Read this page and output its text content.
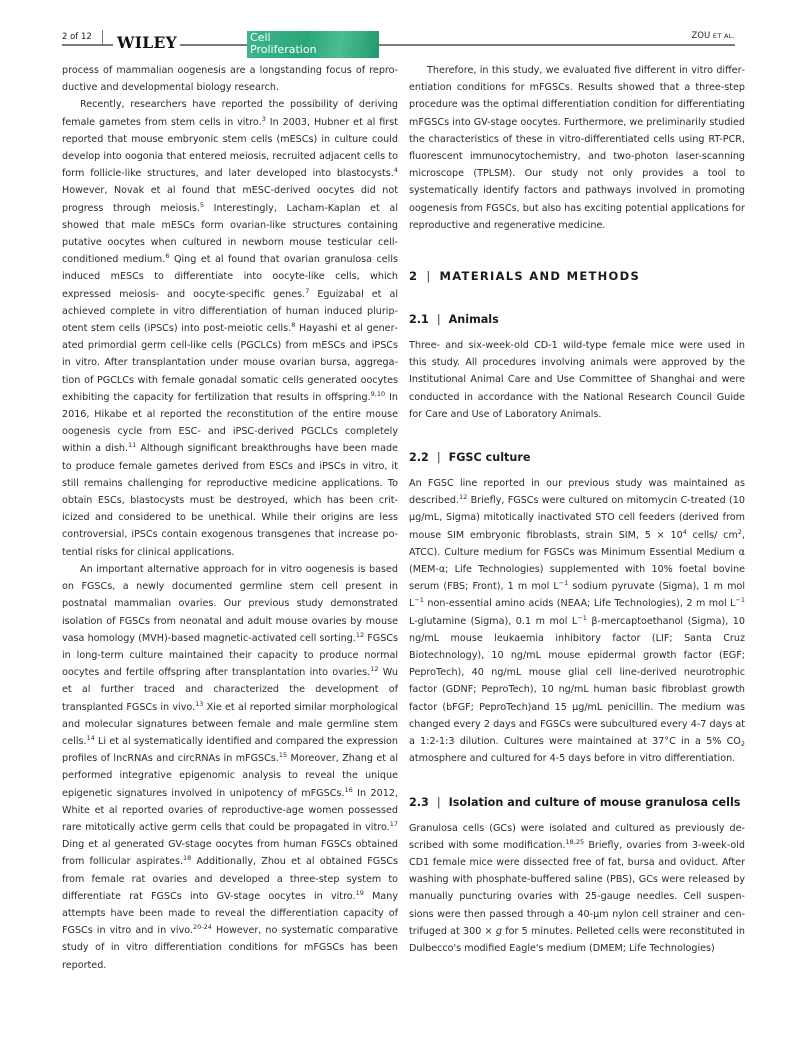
2 of 12 WILEY	Cell
Proliferation
ZOU ET AL.

process of mammalian oogenesis are a longstanding focus of reproductive and developmental biology research.

Recently, researchers have reported the possibility of deriving female gametes from stem cells in vitro.$^3$ In 2003, Hubner et al first reported that mouse embryonic stem cells (mESCs) in culture could develop into oogonia that entered meiosis, recruited adjacent cells to form follicle-like structures, and later developed into blastocysts.$^4$ However, Novak et al found that mESC-derived oocytes did not progress through meiosis.$^5$ Interestingly, Lacham-Kaplan et al showed that male mESCs form ovarian-like structures containing putative oocytes when cultured in newborn mouse testicular cell-conditioned medium.$^6$ Qing et al found that ovarian granulosa cells induced mESCs to differentiate into oocyte-like cells, which expressed meiosis- and oocyte-specific genes.$^7$ Eguizabal et al achieved complete in vitro differentiation of human induced pluripotent stem cells (iPSCs) into post-meiotic cells.$^8$ Hayashi et al generated primordial germ cell-like cells (PGCLCs) from mESCs and iPSCs in vitro. After transplantation under mouse ovarian bursa, aggregation of PGCLCs with female gonadal somatic cells generated oocytes exhibiting the capacity for fertilization that results in offspring.$^{9,10}$ In 2016, Hikabe et al reported the reconstitution of the entire mouse oogenesis cycle from ESC- and iPSC-derived PGCLCs completely within a dish.$^{11}$ Although significant breakthroughs have been made to produce female gametes derived from ESCs and iPSCs in vitro, it still remains challenging for reproductive medicine applications. To obtain ESCs, blastocysts must be destroyed, which has been criticized and considered to be unethical. While their origins are less controversial, iPSCs contain exogenous transgenes that increase potential risks for clinical applications.

An important alternative approach for in vitro oogenesis is based on FGSCs, a newly documented germline stem cell present in postnatal mammalian ovaries. Our previous study demonstrated isolation of FGSCs from neonatal and adult mouse ovaries by mouse vasa homology (MVH)-based magnetic-activated cell sorting.$^{12}$ FGSCs in long-term culture maintained their capacity to produce normal oocytes and fertile offspring after transplantation into ovaries.$^{12}$ Wu et al further traced and characterized the development of transplanted FGSCs in vivo.$^{13}$ Xie et al reported similar morphological and molecular signatures between female and male germline stem cells.$^{14}$ Li et al systematically identified and compared the expression profiles of lncRNAs and circRNAs in mFGSCs.$^{15}$ Moreover, Zhang et al performed integrative epigenomic analysis to reveal the unique epigenetic signatures involved in unipotency of mFGSCs.$^{16}$ In 2012, White et al reported ovaries of reproductive-age women possessed rare mitotically active germ cells that could be propagated in vitro.$^{17}$ Ding et al generated GV-stage oocytes from human FGSCs obtained from follicular aspirates.$^{18}$ Additionally, Zhou et al obtained FGSCs from female rat ovaries and developed a three-step system to differentiate rat FGSCs into GV-stage oocytes in vitro.$^{19}$ Many attempts have been made to reveal the differentiation capacity of FGSCs in vitro and in vivo.$^{20-24}$ However, no systematic comparative study of in vitro differentiation conditions for mFGSCs has been reported.

Therefore, in this study, we evaluated five different in vitro differentiation conditions for mFGSCs. Results showed that a three-step procedure was the optimal differentiation condition for differentiating mFGSCs into GV-stage oocytes. Furthermore, we preliminarily studied the characteristics of these in vitro-differentiated cells using RT-PCR, fluorescent immunocytochemistry, and two-photon laser-scanning microscope (TPLSM). Our study not only provides a tool to systematically identify factors and pathways involved in promoting oogenesis from FGSCs, but also has exciting potential applications for reproductive and regenerative medicine.

2 | MATERIALS AND METHODS
2.1 | Animals

Three- and six-week-old CD-1 wild-type female mice were used in this study. All procedures involving animals were approved by the Institutional Animal Care and Use Committee of Shanghai and were conducted in accordance with the National Research Council Guide for Care and Use of Laboratory Animals.

2.2 | FGSC culture

An FGSC line reported in our previous study was maintained as described.$^{12}$ Briefly, FGSCs were cultured on mitomycin C-treated (10 μg/mL, Sigma) mitotically inactivated STO cell feeders (derived from mouse SIM embryonic fibroblasts, strain SIM, $5 \times 10^4$ cells/ $cm^2$, ATCC). Culture medium for FGSCs was Minimum Essential Medium α (MEM-α; Life Technologies) supplemented with 10% foetal bovine serum (FBS; Front), 1 m mol $L^{-1}$ sodium pyruvate (Sigma), 1 m mol $L^{-1}$ non-essential amino acids (NEAA; Life Technologies), 2 m mol $L^{-1}$ L-glutamine (Sigma), 0.1 m mol $L^{-1}$ β-mercaptoethanol (Sigma), 10 ng/mL mouse leukaemia inhibitory factor (LIF; Santa Cruz Biotechnology), 10 ng/mL mouse epidermal growth factor (EGF; PeproTech), 40 ng/mL mouse glial cell line-derived neurotrophic factor (GDNF; PeproTech), 10 ng/mL human basic fibroblast growth factor (bFGF; PeproTech)and 15 μg/mL penicillin. The medium was changed every 2 days and FGSCs were subcultured every 4-7 days at a 1:2-1:3 dilution. Cultures were maintained at 37°C in a 5% $CO_2$ atmosphere and cultured for 4-5 days before in vitro differentiation.

2.3 | Isolation and culture of mouse granulosa cells

Granulosa cells (GCs) were isolated and cultured as previously described with some modification.$^{18,25}$ Briefly, ovaries from 3-week-old CD1 female mice were dissected free of fat, bursa and oviduct. After washing with phosphate-buffered saline (PBS), GCs were released by manually puncturing ovaries with 25-gauge needles. Cell suspensions were then passed through a 40-μm nylon cell strainer and centrifuged at 300 × g for 5 minutes. Pelleted cells were reconstituted in Dulbecco's modified Eagle's medium (DMEM; Life Technologies)
